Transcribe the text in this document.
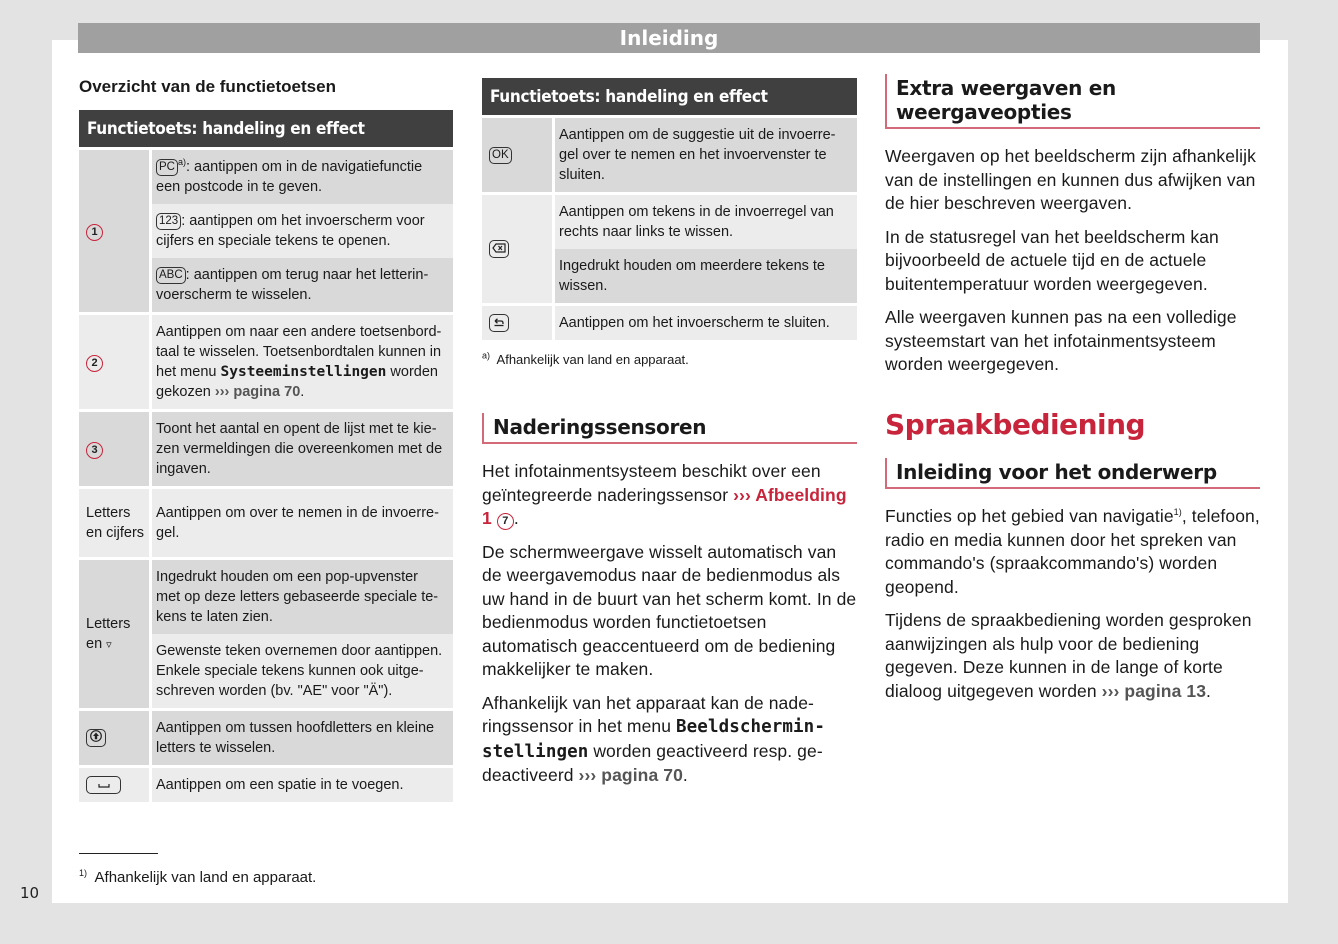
Inleiding
10
Overzicht van de functietoetsen
Functietoets: handeling en effect
1	PC $^{a)}$: aantippen om in de navigatiefunctie een postcode in te geven.
	123 : aantippen om het invoerscherm voor cijfers en speciale tekens te openen.
	ABC : aantippen om terug naar het letterinvoerscherm te wisselen.
2	Aantippen om naar een andere toetsenbordtaal te wisselen. Toetsenbordtalen kunnen in het menu Systeeminstellingen worden gekozen ››› pagina 70.
3	Toont het aantal en opent de lijst met te kiezen vermeldingen die overeenkomen met de ingaven.
Letters en cijfers	Aantippen om over te nemen in de invoerregel.
Letters en ▿	Ingedrukt houden om een pop-upvenster met op deze letters gebaseerde speciale tekens te laten zien.
	Gewenste teken overnemen door aantippen. Enkele speciale tekens kunnen ook uitgeschreven worden (bv. "AE" voor "Ä").
	Aantippen om tussen hoofdletters en kleine letters te wisselen.
	Aantippen om een spatie in te voegen.
Functietoets: handeling en effect
OK	Aantippen om de suggestie uit de invoerregel over te nemen en het invoervenster te sluiten.
	Aantippen om tekens in de invoerregel van rechts naar links te wissen.
	Ingedrukt houden om meerdere tekens te wissen.
	Aantippen om het invoerscherm te sluiten.
$^{a)}$ Afhankelijk van land en apparaat.
Naderingssensoren

Het infotainmentsysteem beschikt over een geïntegreerde naderingssensor ››› Afbeelding 1 7 .

De schermweergave wisselt automatisch van de weergavemodus naar de bedienmodus als uw hand in de buurt van het scherm komt. In de bedienmodus worden functietoetsen automatisch geaccentueerd om de bediening makkelijker te maken.

Afhankelijk van het apparaat kan de naderingssensor in het menu Beeldscherminstellingen worden geactiveerd resp. gedeactiveerd ››› pagina 70.

Extra weergaven en weergaveopties

Weergaven op het beeldscherm zijn afhankelijk van de instellingen en kunnen dus afwijken van de hier beschreven weergaven.

In de statusregel van het beeldscherm kan bijvoorbeeld de actuele tijd en de actuele buitentemperatuur worden weergegeven.

Alle weergaven kunnen pas na een volledige systeemstart van het infotainmentsysteem worden weergegeven.

Spraakbediening
Inleiding voor het onderwerp

Functies op het gebied van navigatie$^{1)}$, telefoon, radio en media kunnen door het spreken van commando's (spraakcommando's) worden geopend.

Tijdens de spraakbediening worden gesproken aanwijzingen als hulp voor de bediening gegeven. Deze kunnen in de lange of korte dialoog uitgegeven worden ››› pagina 13.

$^{1)}$ Afhankelijk van land en apparaat.
